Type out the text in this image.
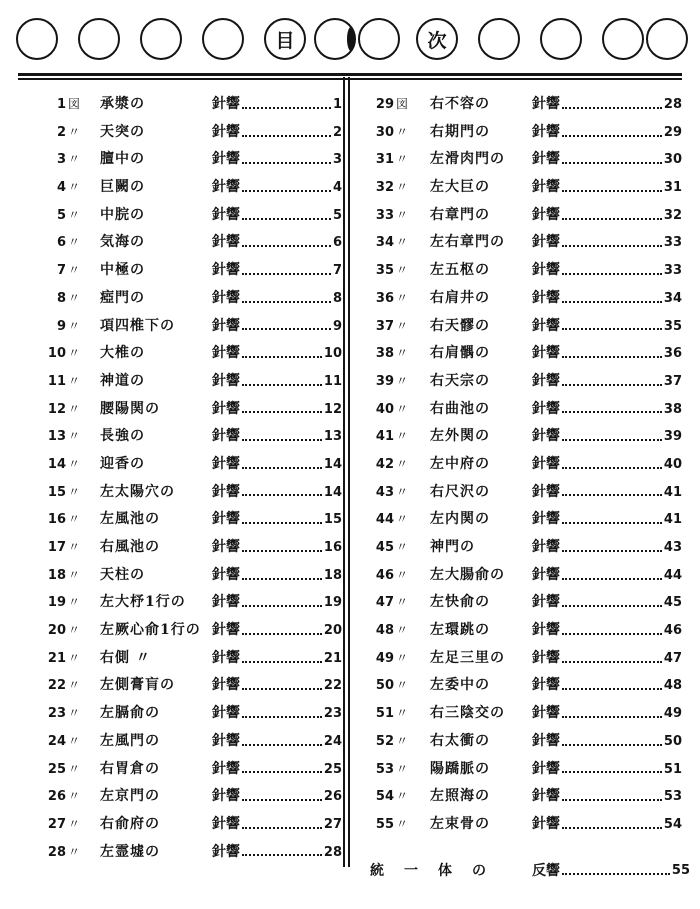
目	次
1 図	承漿の	針響	1
2 〃	天突の	針響	2
3 〃	膻中の	針響	3
4 〃	巨闕の	針響	4
5 〃	中脘の	針響	5
6 〃	気海の	針響	6
7 〃	中極の	針響	7
8 〃	瘂門の	針響	8
9 〃	項四椎下の	針響	9
10 〃	大椎の	針響	10
11 〃	神道の	針響	11
12 〃	腰陽関の	針響	12
13 〃	長強の	針響	13
14 〃	迎香の	針響	14
15 〃	左太陽穴の	針響	14
16 〃	左風池の	針響	15
17 〃	右風池の	針響	16
18 〃	天柱の	針響	18
19 〃	左大杼1行の	針響	19
20 〃	左厥心俞1行の 針響	20
21 〃	右側 〃	針響	21
22 〃	左側膏肓の	針響	22
23 〃	左膈俞の	針響	23
24 〃	左風門の	針響	24
25 〃	右胃倉の	針響	25
26 〃	左京門の	針響	26
27 〃	右俞府の	針響	27
28 〃	左霊墟の	針響	28
29 図	右不容の	針響	28
30 〃	右期門の	針響	29
31 〃	左滑肉門の	針響	30
32 〃	左大巨の	針響	31
33 〃	右章門の	針響	32
34 〃	左右章門の	針響	33
35 〃	左五枢の	針響	33
36 〃	右肩井の	針響	34
37 〃	右天髎の	針響	35
38 〃	右肩髃の	針響	36
39 〃	右天宗の	針響	37
40 〃	右曲池の	針響	38
41 〃	左外関の	針響	39
42 〃	左中府の	針響	40
43 〃	右尺沢の	針響	41
44 〃	左内関の	針響	41
45 〃	神門の	針響	43
46 〃	左大腸俞の	針響	44
47 〃	左快俞の	針響	45
48 〃	左環跳の	針響	46
49 〃	左足三里の	針響	47
50 〃	左委中の	針響	48
51 〃	右三陰交の	針響	49
52 〃	右太衝の	針響	50
53 〃	陽蹻脈の	針響	51
54 〃	左照海の	針響	53
55 〃	左束骨の	針響	54
統一体の 反響	55
